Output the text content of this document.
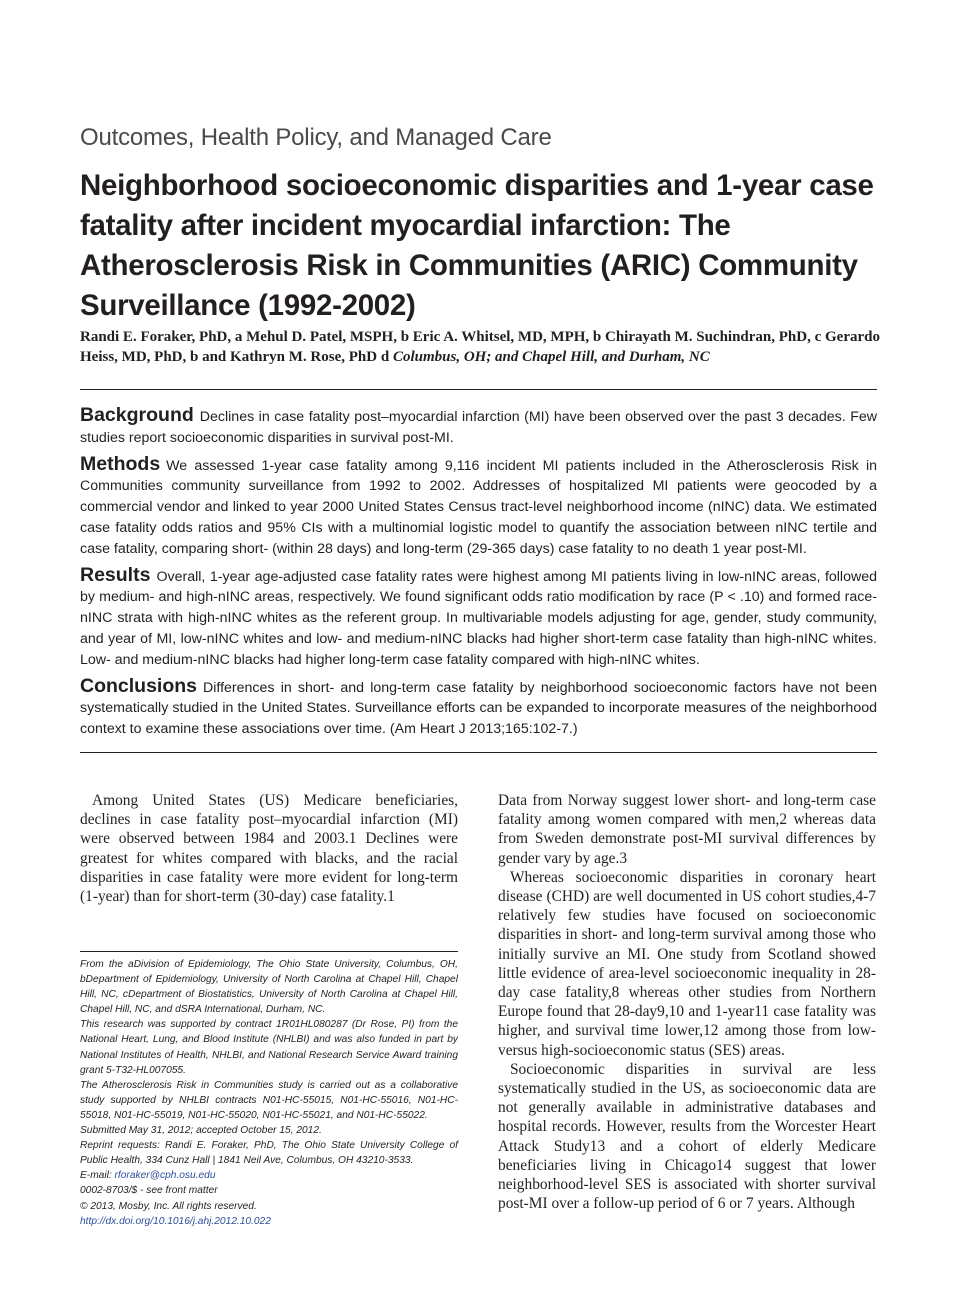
Outcomes, Health Policy, and Managed Care
Neighborhood socioeconomic disparities and 1-year case fatality after incident myocardial infarction: The Atherosclerosis Risk in Communities (ARIC) Community Surveillance (1992-2002)
Randi E. Foraker, PhD, a Mehul D. Patel, MSPH, b Eric A. Whitsel, MD, MPH, b Chirayath M. Suchindran, PhD, c Gerardo Heiss, MD, PhD, b and Kathryn M. Rose, PhD d Columbus, OH; and Chapel Hill, and Durham, NC

Background Declines in case fatality post–myocardial infarction (MI) have been observed over the past 3 decades. Few studies report socioeconomic disparities in survival post-MI.

Methods We assessed 1-year case fatality among 9,116 incident MI patients included in the Atherosclerosis Risk in Communities community surveillance from 1992 to 2002. Addresses of hospitalized MI patients were geocoded by a commercial vendor and linked to year 2000 United States Census tract-level neighborhood income (nINC) data. We estimated case fatality odds ratios and 95% CIs with a multinomial logistic model to quantify the association between nINC tertile and case fatality, comparing short- (within 28 days) and long-term (29-365 days) case fatality to no death 1 year post-MI.

Results Overall, 1-year age-adjusted case fatality rates were highest among MI patients living in low-nINC areas, followed by medium- and high-nINC areas, respectively. We found significant odds ratio modification by race (P < .10) and formed race-nINC strata with high-nINC whites as the referent group. In multivariable models adjusting for age, gender, study community, and year of MI, low-nINC whites and low- and medium-nINC blacks had higher short-term case fatality than high-nINC whites. Low- and medium-nINC blacks had higher long-term case fatality compared with high-nINC whites.

Conclusions Differences in short- and long-term case fatality by neighborhood socioeconomic factors have not been systematically studied in the United States. Surveillance efforts can be expanded to incorporate measures of the neighborhood context to examine these associations over time. (Am Heart J 2013;165:102-7.)

Among United States (US) Medicare beneficiaries, declines in case fatality post–myocardial infarction (MI) were observed between 1984 and 2003.1 Declines were greatest for whites compared with blacks, and the racial disparities in case fatality were more evident for long-term (1-year) than for short-term (30-day) case fatality.1

From the aDivision of Epidemiology, The Ohio State University, Columbus, OH, bDepartment of Epidemiology, University of North Carolina at Chapel Hill, Chapel Hill, NC, cDepartment of Biostatistics, University of North Carolina at Chapel Hill, Chapel Hill, NC, and dSRA International, Durham, NC.
This research was supported by contract 1R01HL080287 (Dr Rose, PI) from the National Heart, Lung, and Blood Institute (NHLBI) and was also funded in part by National Institutes of Health, NHLBI, and National Research Service Award training grant 5-T32-HL007055.
The Atherosclerosis Risk in Communities study is carried out as a collaborative study supported by NHLBI contracts N01-HC-55015, N01-HC-55016, N01-HC-55018, N01-HC-55019, N01-HC-55020, N01-HC-55021, and N01-HC-55022.
Submitted May 31, 2012; accepted October 15, 2012.
Reprint requests: Randi E. Foraker, PhD, The Ohio State University College of Public Health, 334 Cunz Hall | 1841 Neil Ave, Columbus, OH 43210-3533.
E-mail: rforaker@cph.osu.edu
0002-8703/$ - see front matter
© 2013, Mosby, Inc. All rights reserved.
http://dx.doi.org/10.1016/j.ahj.2012.10.022

Data from Norway suggest lower short- and long-term case fatality among women compared with men,2 whereas data from Sweden demonstrate post-MI survival differences by gender vary by age.3

Whereas socioeconomic disparities in coronary heart disease (CHD) are well documented in US cohort studies,4-7 relatively few studies have focused on socioeconomic disparities in short- and long-term survival among those who initially survive an MI. One study from Scotland showed little evidence of area-level socioeconomic inequality in 28-day case fatality,8 whereas other studies from Northern Europe found that 28-day9,10 and 1-year11 case fatality was higher, and survival time lower,12 among those from low- versus high-socioeconomic status (SES) areas.

Socioeconomic disparities in survival are less systematically studied in the US, as socioeconomic data are not generally available in administrative databases and hospital records. However, results from the Worcester Heart Attack Study13 and a cohort of elderly Medicare beneficiaries living in Chicago14 suggest that lower neighborhood-level SES is associated with shorter survival post-MI over a follow-up period of 6 or 7 years. Although
